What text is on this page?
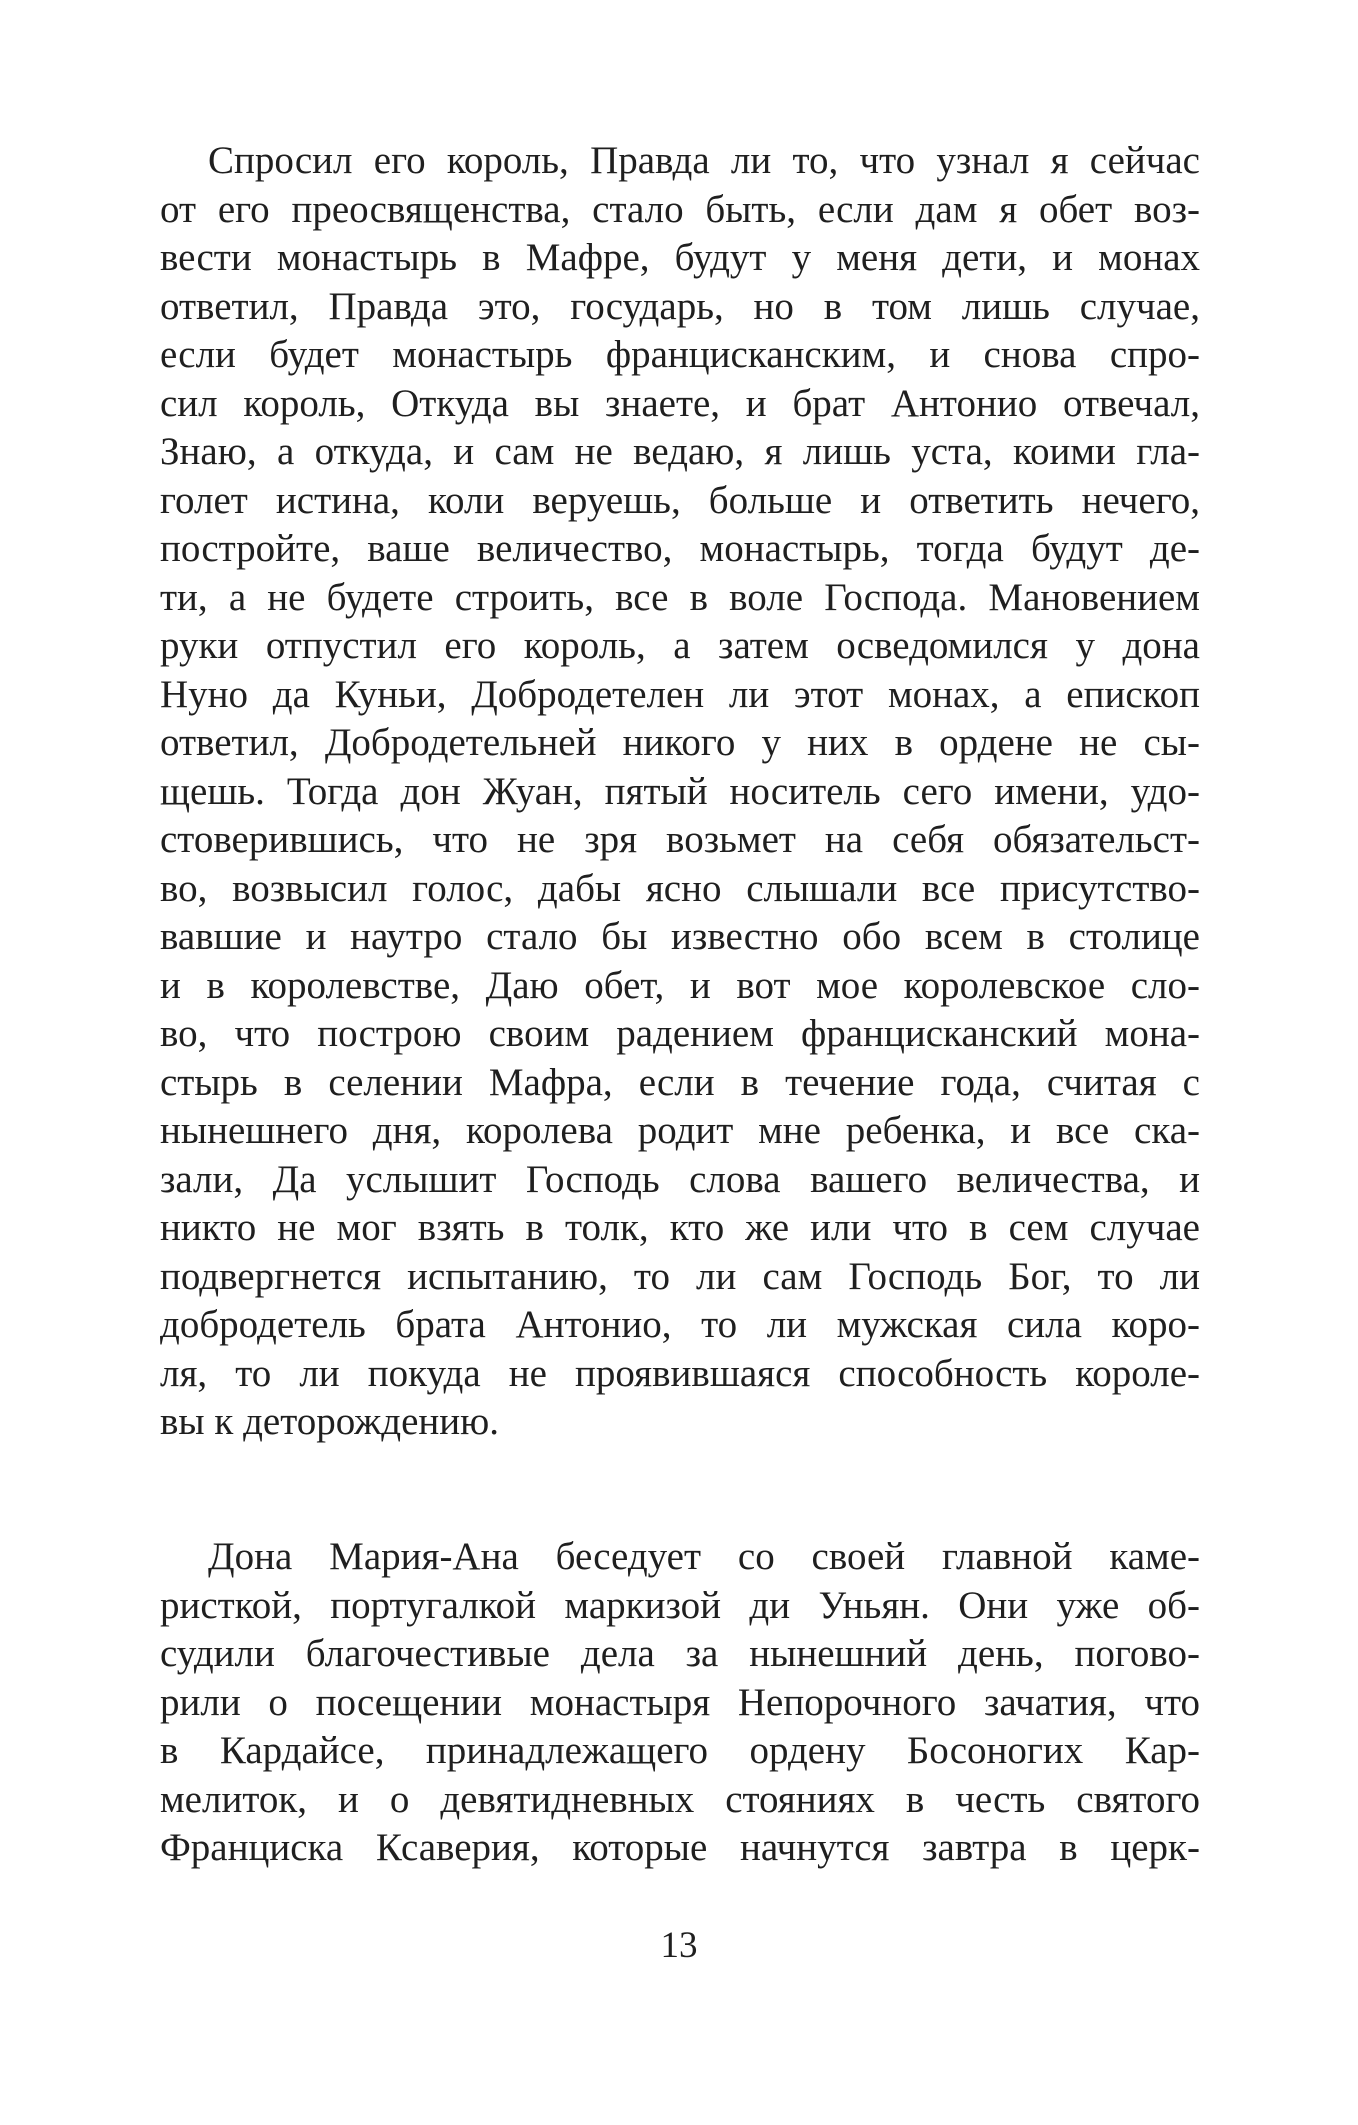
Спросил его король, Правда ли то, что узнал я сейчас
от его преосвященства, стало быть, если дам я обет воз-
вести монастырь в Мафре, будут у меня дети, и монах
ответил, Правда это, государь, но в том лишь случае,
если будет монастырь францисканским, и снова спро-
сил король, Откуда вы знаете, и брат Антонио отвечал,
Знаю, а откуда, и сам не ведаю, я лишь уста, коими гла-
голет истина, коли веруешь, больше и ответить нечего,
постройте, ваше величество, монастырь, тогда будут де-
ти, а не будете строить, все в воле Господа. Мановением
руки отпустил его король, а затем осведомился у дона
Нуно да Куньи, Добродетелен ли этот монах, а епископ
ответил, Добродетельней никого у них в ордене не сы-
щешь. Тогда дон Жуан, пятый носитель сего имени, удо-
стоверившись, что не зря возьмет на себя обязательст-
во, возвысил голос, дабы ясно слышали все присутство-
вавшие и наутро стало бы известно обо всем в столице
и в королевстве, Даю обет, и вот мое королевское сло-
во, что построю своим радением францисканский мона-
стырь в селении Мафра, если в течение года, считая с
нынешнего дня, королева родит мне ребенка, и все ска-
зали, Да услышит Господь слова вашего величества, и
никто не мог взять в толк, кто же или что в сем случае
подвергнется испытанию, то ли сам Господь Бог, то ли
добродетель брата Антонио, то ли мужская сила коро-
ля, то ли покуда не проявившаяся способность короле-
вы к деторождению.
Дона Мария-Ана беседует со своей главной каме-
ристкой, португалкой маркизой ди Уньян. Они уже об-
судили благочестивые дела за нынешний день, погово-
рили о посещении монастыря Непорочного зачатия, что
в Кардайсе, принадлежащего ордену Босоногих Кар-
мелиток, и о девятидневных стояниях в честь святого
Франциска Ксаверия, которые начнутся завтра в церк-
13
